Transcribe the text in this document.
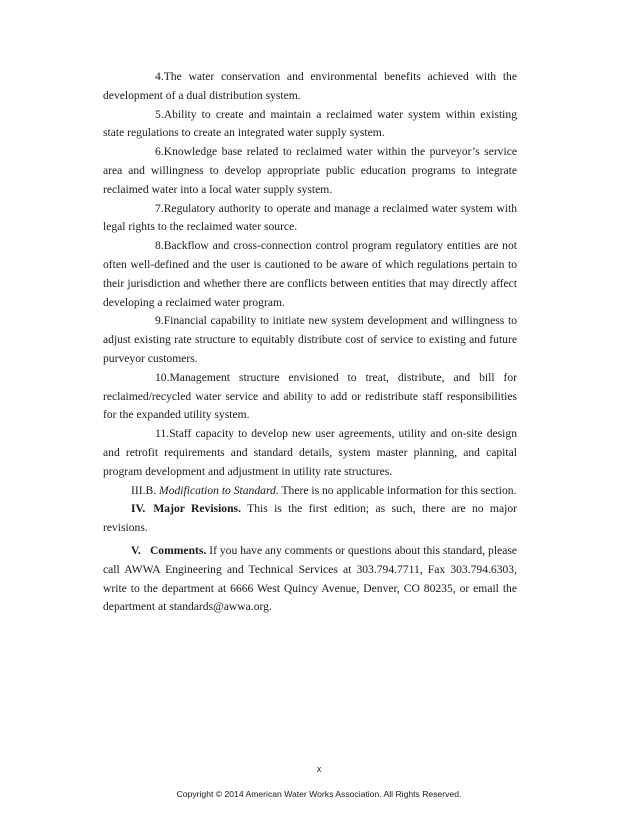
4.The water conservation and environmental benefits achieved with the development of a dual distribution system.

5.Ability to create and maintain a reclaimed water system within existing state regulations to create an integrated water supply system.

6.Knowledge base related to reclaimed water within the purveyor’s service area and willingness to develop appropriate public education programs to integrate reclaimed water into a local water supply system.

7.Regulatory authority to operate and manage a reclaimed water system with legal rights to the reclaimed water source.

8.Backflow and cross-connection control program regulatory entities are not often well-defined and the user is cautioned to be aware of which regulations pertain to their jurisdiction and whether there are conflicts between entities that may directly affect developing a reclaimed water program.

9.Financial capability to initiate new system development and willingness to adjust existing rate structure to equitably distribute cost of service to existing and future purveyor customers.

10.Management structure envisioned to treat, distribute, and bill for reclaimed/recycled water service and ability to add or redistribute staff responsibilities for the expanded utility system.

11.Staff capacity to develop new user agreements, utility and on-site design and retrofit requirements and standard details, system master planning, and capital program development and adjustment in utility rate structures.

III.B. Modification to Standard. There is no applicable information for this section.

IV. Major Revisions. This is the first edition; as such, there are no major revisions.

V. Comments. If you have any comments or questions about this standard, please call AWWA Engineering and Technical Services at 303.794.7711, Fax 303.794.6303, write to the department at 6666 West Quincy Avenue, Denver, CO 80235, or email the department at standards@awwa.org.

x
Copyright © 2014 American Water Works Association. All Rights Reserved.
